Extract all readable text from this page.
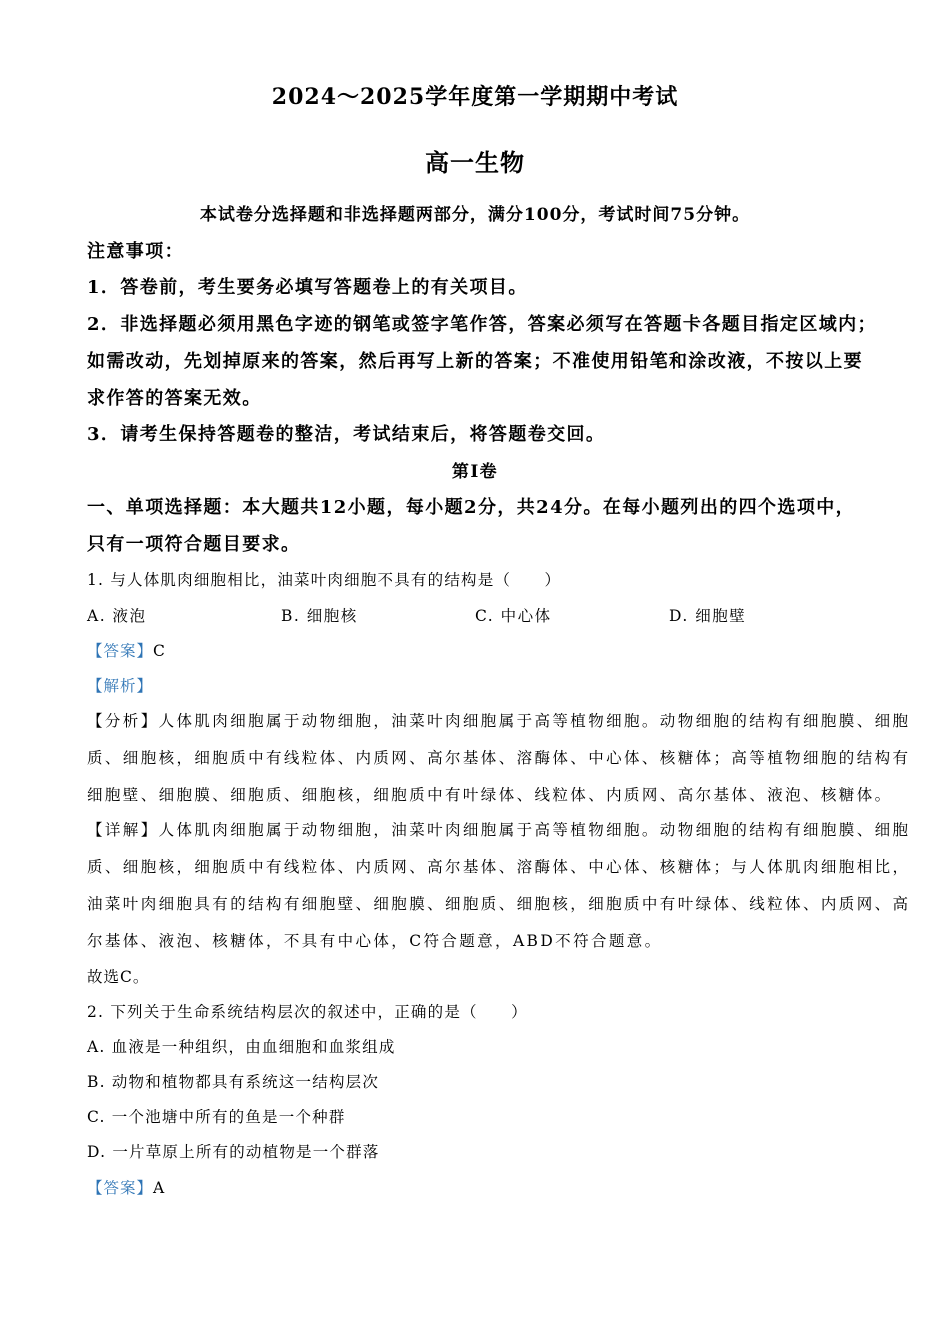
2024～2025学年度第一学期期中考试
高一生物
本试卷分选择题和非选择题两部分，满分100分，考试时间75分钟。
注意事项：
1．答卷前，考生要务必填写答题卷上的有关项目。
2．非选择题必须用黑色字迹的钢笔或签字笔作答，答案必须写在答题卡各题目指定区域内；
如需改动，先划掉原来的答案，然后再写上新的答案；不准使用铅笔和涂改液，不按以上要
求作答的答案无效。
3．请考生保持答题卷的整洁，考试结束后，将答题卷交回。
第Ⅰ卷
一、单项选择题：本大题共12小题，每小题2分，共24分。在每小题列出的四个选项中，
只有一项符合题目要求。
1. 与人体肌肉细胞相比，油菜叶肉细胞不具有的结构是（　　）
A. 液泡	B. 细胞核	C. 中心体	D. 细胞壁
【答案】C
【解析】
【分析】人体肌肉细胞属于动物细胞，油菜叶肉细胞属于高等植物细胞。动物细胞的结构有细胞膜、细胞
质、细胞核，细胞质中有线粒体、内质网、高尔基体、溶酶体、中心体、核糖体；高等植物细胞的结构有
细胞壁、细胞膜、细胞质、细胞核，细胞质中有叶绿体、线粒体、内质网、高尔基体、液泡、核糖体。
【详解】人体肌肉细胞属于动物细胞，油菜叶肉细胞属于高等植物细胞。动物细胞的结构有细胞膜、细胞
质、细胞核，细胞质中有线粒体、内质网、高尔基体、溶酶体、中心体、核糖体；与人体肌肉细胞相比，
油菜叶肉细胞具有的结构有细胞壁、细胞膜、细胞质、细胞核，细胞质中有叶绿体、线粒体、内质网、高
尔基体、液泡、核糖体，不具有中心体，C符合题意，ABD不符合题意。
故选C。
2. 下列关于生命系统结构层次的叙述中，正确的是（　　）
A. 血液是一种组织，由血细胞和血浆组成
B. 动物和植物都具有系统这一结构层次
C. 一个池塘中所有的鱼是一个种群
D. 一片草原上所有的动植物是一个群落
【答案】A
